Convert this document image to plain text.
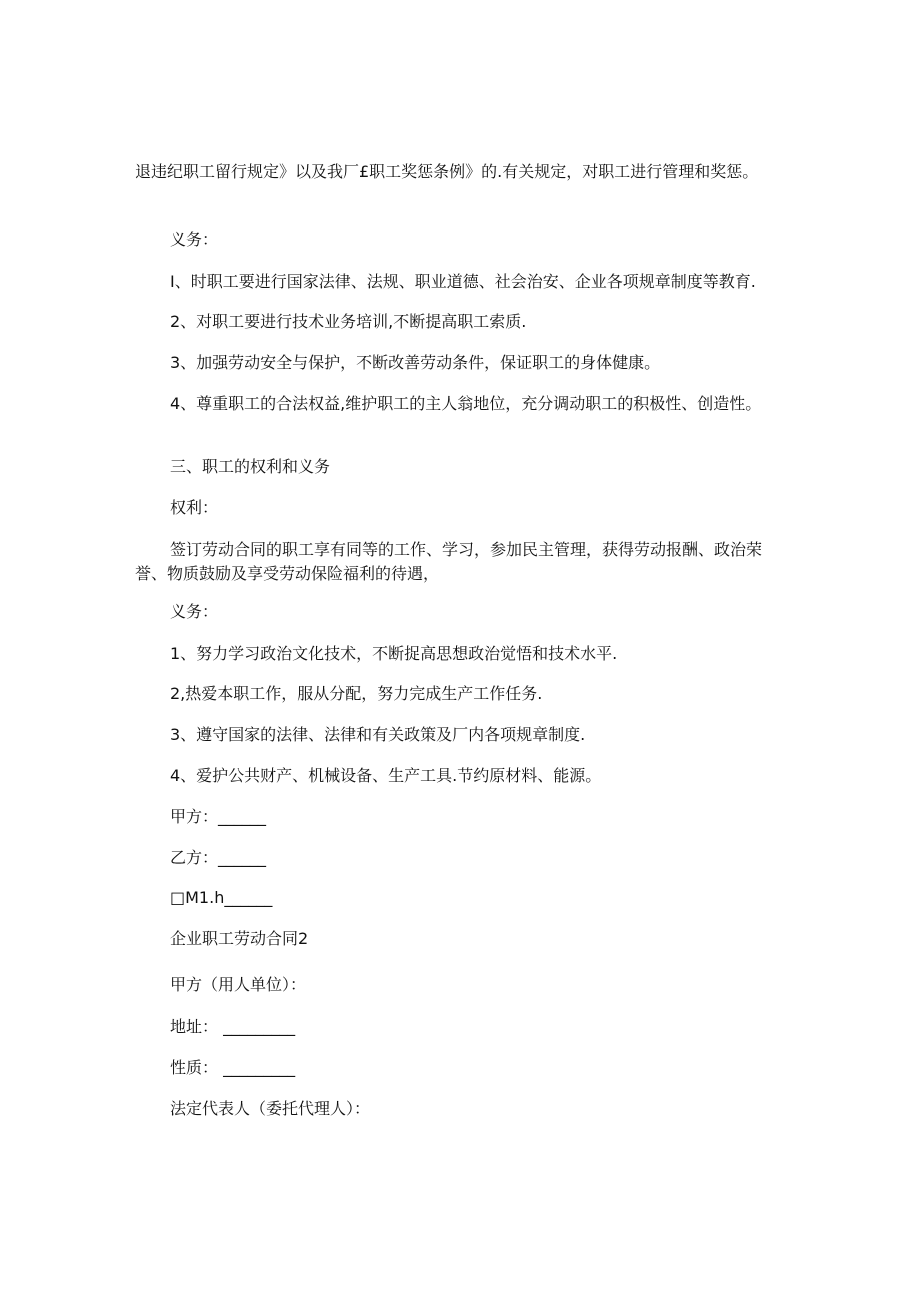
退违纪职工留行规定》以及我厂£职工奖惩条例》的.有关规定，对职工进行管理和奖惩。

义务：

I、时职工要进行国家法律、法规、职业道德、社会治安、企业各项规章制度等教育.

2、对职工要进行技术业务培训,不断提高职工索质.

3、加强劳动安全与保护，不断改善劳动条件，保证职工的身体健康。

4、尊重职工的合法权益,维护职工的主人翁地位，充分调动职工的积极性、创造性。

三、职工的权利和义务

权利：

签订劳动合同的职工享有同等的工作、学习，参加民主管理，获得劳动报酬、政治荣誉、物质鼓励及享受劳动保险福利的待遇，

义务：

1、努力学习政治文化技术，不断捉高思想政治觉悟和技术水平.

2,热爱本职工作，服从分配，努力完成生产工作任务.

3、遵守国家的法律、法律和有关政策及厂内各项规章制度.

4、爱护公共财产、机械设备、生产工具.节约原材料、能源。

甲方：______

乙方：______

□M1.h______

企业职工劳动合同2

甲方（用人单位）：

地址： _________

性质： _________

法定代表人（委托代理人）：
